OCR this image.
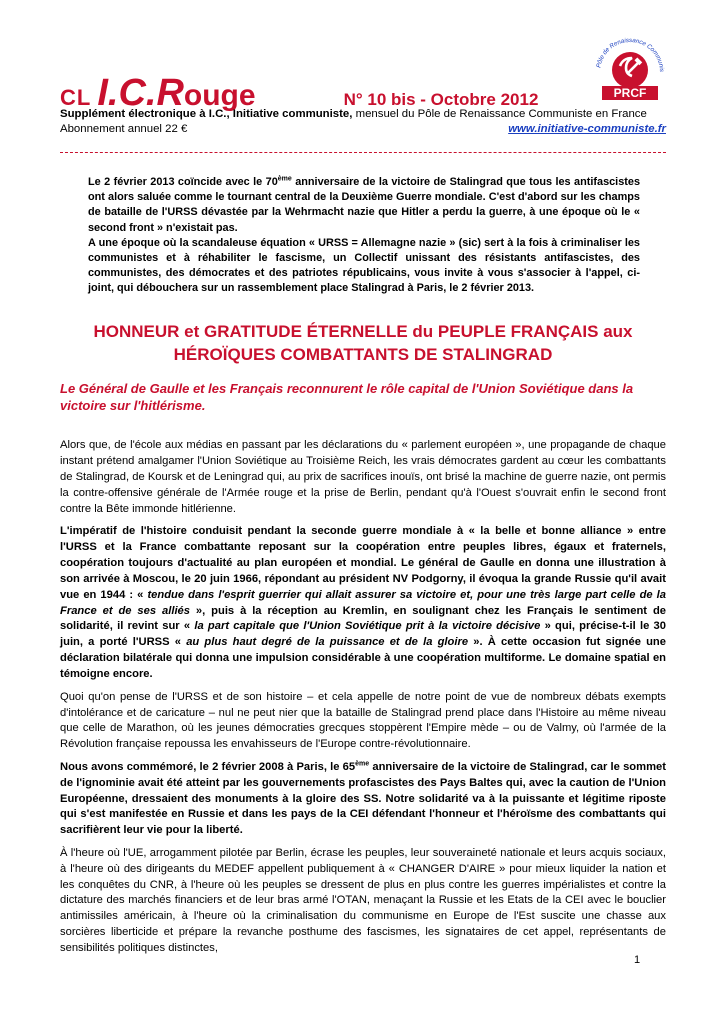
Pôle de Renaissance Communis
PRCF
CL I.C. R ouge	N° 10 bis - Octobre 2012
Supplément électronique à I.C., Initiative communiste, mensuel du Pôle de Renaissance Communiste en France
Abonnement annuel 22 €	www.initiative-communiste.fr

Le 2 février 2013 coïncide avec le 70ème anniversaire de la victoire de Stalingrad que tous les antifascistes ont alors saluée comme le tournant central de la Deuxième Guerre mondiale. C'est d'abord sur les champs de bataille de l'URSS dévastée par la Wehrmacht nazie que Hitler a perdu la guerre, à une époque où le « second front » n'existait pas.

A une époque où la scandaleuse équation « URSS = Allemagne nazie » (sic) sert à la fois à criminaliser les communistes et à réhabiliter le fascisme, un Collectif unissant des résistants antifascistes, des communistes, des démocrates et des patriotes républicains, vous invite à vous s'associer à l'appel, ci-joint, qui débouchera sur un rassemblement place Stalingrad à Paris, le 2 février 2013.

HONNEUR et GRATITUDE ÉTERNELLE du PEUPLE FRANÇAIS aux HÉROÏQUES COMBATTANTS DE STALINGRAD
Le Général de Gaulle et les Français reconnurent le rôle capital de l'Union Soviétique dans la victoire sur l'hitlérisme.

Alors que, de l'école aux médias en passant par les déclarations du « parlement européen », une propagande de chaque instant prétend amalgamer l'Union Soviétique au Troisième Reich, les vrais démocrates gardent au cœur les combattants de Stalingrad, de Koursk et de Leningrad qui, au prix de sacrifices inouïs, ont brisé la machine de guerre nazie, ont permis la contre-offensive générale de l'Armée rouge et la prise de Berlin, pendant qu'à l'Ouest s'ouvrait enfin le second front contre la Bête immonde hitlérienne.

L'impératif de l'histoire conduisit pendant la seconde guerre mondiale à « la belle et bonne alliance » entre l'URSS et la France combattante reposant sur la coopération entre peuples libres, égaux et fraternels, coopération toujours d'actualité au plan européen et mondial. Le général de Gaulle en donna une illustration à son arrivée à Moscou, le 20 juin 1966, répondant au président NV Podgorny, il évoqua la grande Russie qu'il avait vue en 1944 : « tendue dans l'esprit guerrier qui allait assurer sa victoire et, pour une très large part celle de la France et de ses alliés », puis à la réception au Kremlin, en soulignant chez les Français le sentiment de solidarité, il revint sur « la part capitale que l'Union Soviétique prit à la victoire décisive » qui, précise-t-il le 30 juin, a porté l'URSS « au plus haut degré de la puissance et de la gloire ». À cette occasion fut signée une déclaration bilatérale qui donna une impulsion considérable à une coopération multiforme. Le domaine spatial en témoigne encore.

Quoi qu'on pense de l'URSS et de son histoire – et cela appelle de notre point de vue de nombreux débats exempts d'intolérance et de caricature – nul ne peut nier que la bataille de Stalingrad prend place dans l'Histoire au même niveau que celle de Marathon, où les jeunes démocraties grecques stoppèrent l'Empire mède – ou de Valmy, où l'armée de la Révolution française repoussa les envahisseurs de l'Europe contre-révolutionnaire.

Nous avons commémoré, le 2 février 2008 à Paris, le 65ème anniversaire de la victoire de Stalingrad, car le sommet de l'ignominie avait été atteint par les gouvernements profascistes des Pays Baltes qui, avec la caution de l'Union Européenne, dressaient des monuments à la gloire des SS. Notre solidarité va à la puissante et légitime riposte qui s'est manifestée en Russie et dans les pays de la CEI défendant l'honneur et l'héroïsme des combattants qui sacrifièrent leur vie pour la liberté.

À l'heure où l'UE, arrogamment pilotée par Berlin, écrase les peuples, leur souveraineté nationale et leurs acquis sociaux, à l'heure où des dirigeants du MEDEF appellent publiquement à « CHANGER D'AIRE » pour mieux liquider la nation et les conquêtes du CNR, à l'heure où les peuples se dressent de plus en plus contre les guerres impérialistes et contre la dictature des marchés financiers et de leur bras armé l'OTAN, menaçant la Russie et les Etats de la CEI avec le bouclier antimissiles américain, à l'heure où la criminalisation du communisme en Europe de l'Est suscite une chasse aux sorcières liberticide et prépare la revanche posthume des fascismes, les signataires de cet appel, représentants de sensibilités politiques distinctes,

1
